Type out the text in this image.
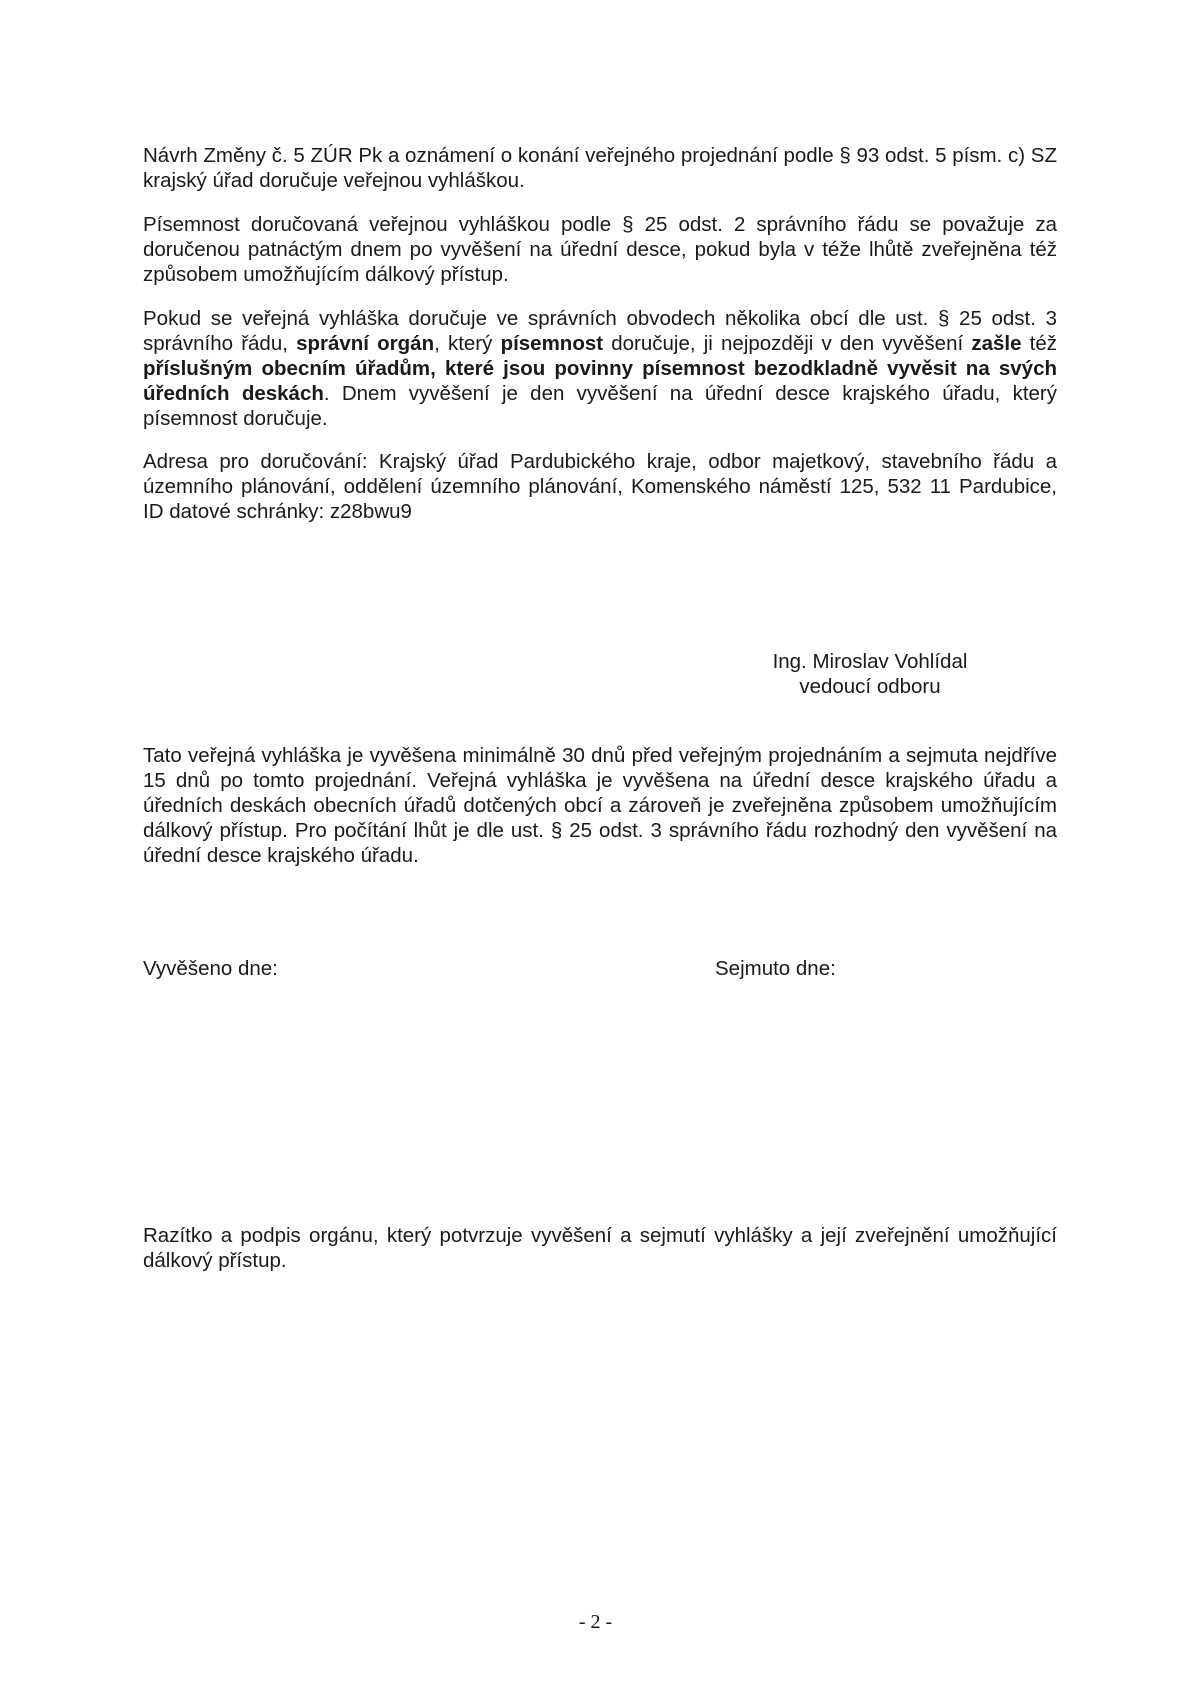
Návrh Změny č. 5 ZÚR Pk a oznámení o konání veřejného projednání podle § 93 odst. 5 písm. c) SZ krajský úřad doručuje veřejnou vyhláškou.

Písemnost doručovaná veřejnou vyhláškou podle § 25 odst. 2 správního řádu se považuje za doručenou patnáctým dnem po vyvěšení na úřední desce, pokud byla v téže lhůtě zveřejněna též způsobem umožňujícím dálkový přístup.

Pokud se veřejná vyhláška doručuje ve správních obvodech několika obcí dle ust. § 25 odst. 3 správního řádu, správní orgán, který písemnost doručuje, ji nejpozději v den vyvěšení zašle též příslušným obecním úřadům, které jsou povinny písemnost bezodkladně vyvěsit na svých úředních deskách. Dnem vyvěšení je den vyvěšení na úřední desce krajského úřadu, který písemnost doručuje.

Adresa pro doručování: Krajský úřad Pardubického kraje, odbor majetkový, stavebního řádu a územního plánování, oddělení územního plánování, Komenského náměstí 125, 532 11 Pardubice, ID datové schránky: z28bwu9

Ing. Miroslav Vohlídal
vedoucí odboru

Tato veřejná vyhláška je vyvěšena minimálně 30 dnů před veřejným projednáním a sejmuta nejdříve 15 dnů po tomto projednání. Veřejná vyhláška je vyvěšena na úřední desce krajského úřadu a úředních deskách obecních úřadů dotčených obcí a zároveň je zveřejněna způsobem umožňujícím dálkový přístup. Pro počítání lhůt je dle ust. § 25 odst. 3 správního řádu rozhodný den vyvěšení na úřední desce krajského úřadu.

Vyvěšeno dne:	Sejmuto dne:

Razítko a podpis orgánu, který potvrzuje vyvěšení a sejmutí vyhlášky a její zveřejnění umožňující dálkový přístup.

- 2 -
